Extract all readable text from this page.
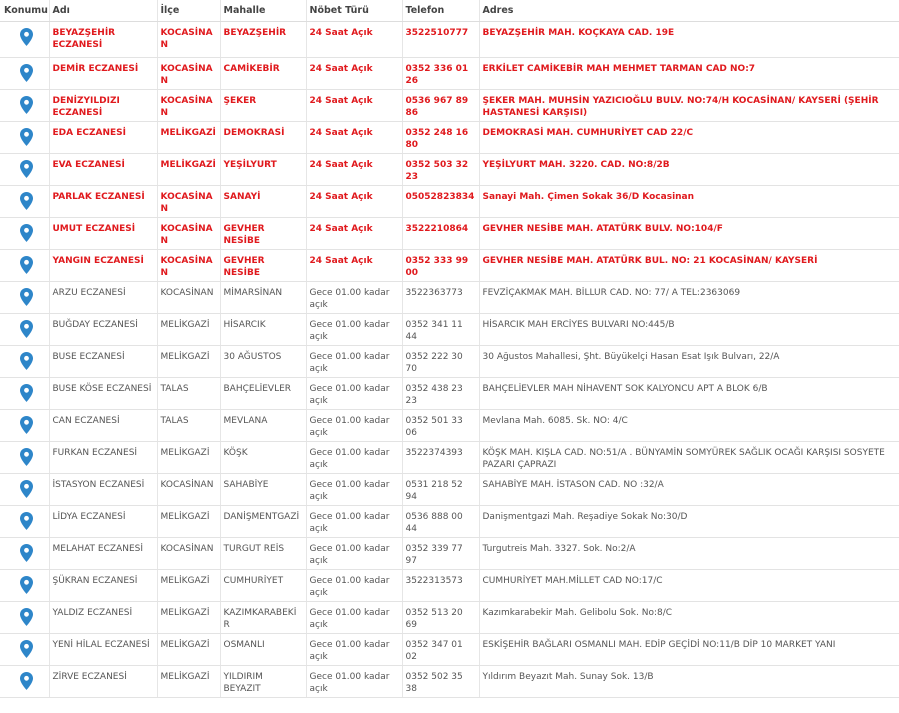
Konumu	Adı	İlçe	Mahalle	Nöbet Türü	Telefon	Adres
	BEYAZŞEHİR ECZANESİ	KOCASİNAN	BEYAZŞEHİR	24 Saat Açık	3522510777	BEYAZŞEHİR MAH. KOÇKAYA CAD. 19E
	DEMİR ECZANESİ	KOCASİNAN	CAMİKEBİR	24 Saat Açık	0352 336 01 26	ERKİLET CAMİKEBİR MAH MEHMET TARMAN CAD NO:7
	DENİZYILDIZI ECZANESİ	KOCASİNAN	ŞEKER	24 Saat Açık	0536 967 89 86	ŞEKER MAH. MUHSİN YAZICIOĞLU BULV. NO:74/H KOCASİNAN/ KAYSERİ (ŞEHİR HASTANESİ KARŞISI)
	EDA ECZANESİ	MELİKGAZİ	DEMOKRASİ	24 Saat Açık	0352 248 16 80	DEMOKRASİ MAH. CUMHURİYET CAD 22/C
	EVA ECZANESİ	MELİKGAZİ	YEŞİLYURT	24 Saat Açık	0352 503 32 23	YEŞİLYURT MAH. 3220. CAD. NO:8/2B
	PARLAK ECZANESİ	KOCASİNAN	SANAYİ	24 Saat Açık	05052823834	Sanayi Mah. Çimen Sokak 36/D Kocasinan
	UMUT ECZANESİ	KOCASİNAN	GEVHER NESİBE	24 Saat Açık	3522210864	GEVHER NESİBE MAH. ATATÜRK BULV. NO:104/F
	YANGIN ECZANESİ	KOCASİNAN	GEVHER NESİBE	24 Saat Açık	0352 333 99 00	GEVHER NESİBE MAH. ATATÜRK BUL. NO: 21 KOCASİNAN/ KAYSERİ
	ARZU ECZANESİ	KOCASİNAN	MİMARSİNAN	Gece 01.00 kadar açık	3522363773	FEVZİÇAKMAK MAH. BİLLUR CAD. NO: 77/ A TEL:2363069
	BUĞDAY ECZANESİ	MELİKGAZİ	HİSARCIK	Gece 01.00 kadar açık	0352 341 11 44	HİSARCIK MAH ERCİYES BULVARI NO:445/B
	BUSE ECZANESİ	MELİKGAZİ	30 AĞUSTOS	Gece 01.00 kadar açık	0352 222 30 70	30 Ağustos Mahallesi, Şht. Büyükelçi Hasan Esat Işık Bulvarı, 22/A
	BUSE KÖSE ECZANESİ	TALAS	BAHÇELİEVLER	Gece 01.00 kadar açık	0352 438 23 23	BAHÇELİEVLER MAH NİHAVENT SOK KALYONCU APT A BLOK 6/B
	CAN ECZANESİ	TALAS	MEVLANA	Gece 01.00 kadar açık	0352 501 33 06	Mevlana Mah. 6085. Sk. NO: 4/C
	FURKAN ECZANESİ	MELİKGAZİ	KÖŞK	Gece 01.00 kadar açık	3522374393	KÖŞK MAH. KIŞLA CAD. NO:51/A . BÜNYAMİN SOMYÜREK SAĞLIK OCAĞI KARŞISI SOSYETE PAZARI ÇAPRAZI
	İSTASYON ECZANESİ	KOCASİNAN	SAHABİYE	Gece 01.00 kadar açık	0531 218 52 94	SAHABİYE MAH. İSTASON CAD. NO :32/A
	LİDYA ECZANESİ	MELİKGAZİ	DANİŞMENTGAZİ	Gece 01.00 kadar açık	0536 888 00 44	Danişmentgazi Mah. Reşadiye Sokak No:30/D
	MELAHAT ECZANESİ	KOCASİNAN	TURGUT REİS	Gece 01.00 kadar açık	0352 339 77 97	Turgutreis Mah. 3327. Sok. No:2/A
	ŞÜKRAN ECZANESİ	MELİKGAZİ	CUMHURİYET	Gece 01.00 kadar açık	3522313573	CUMHURİYET MAH.MİLLET CAD NO:17/C
	YALDIZ ECZANESİ	MELİKGAZİ	KAZIMKARABEKİR	Gece 01.00 kadar açık	0352 513 20 69	Kazımkarabekir Mah. Gelibolu Sok. No:8/C
	YENİ HİLAL ECZANESİ	MELİKGAZİ	OSMANLI	Gece 01.00 kadar açık	0352 347 01 02	ESKİŞEHİR BAĞLARI OSMANLI MAH. EDİP GEÇİDİ NO:11/B DİP 10 MARKET YANI
	ZİRVE ECZANESİ	MELİKGAZİ	YILDIRIM BEYAZIT	Gece 01.00 kadar açık	0352 502 35 38	Yıldırım Beyazıt Mah. Sunay Sok. 13/B
